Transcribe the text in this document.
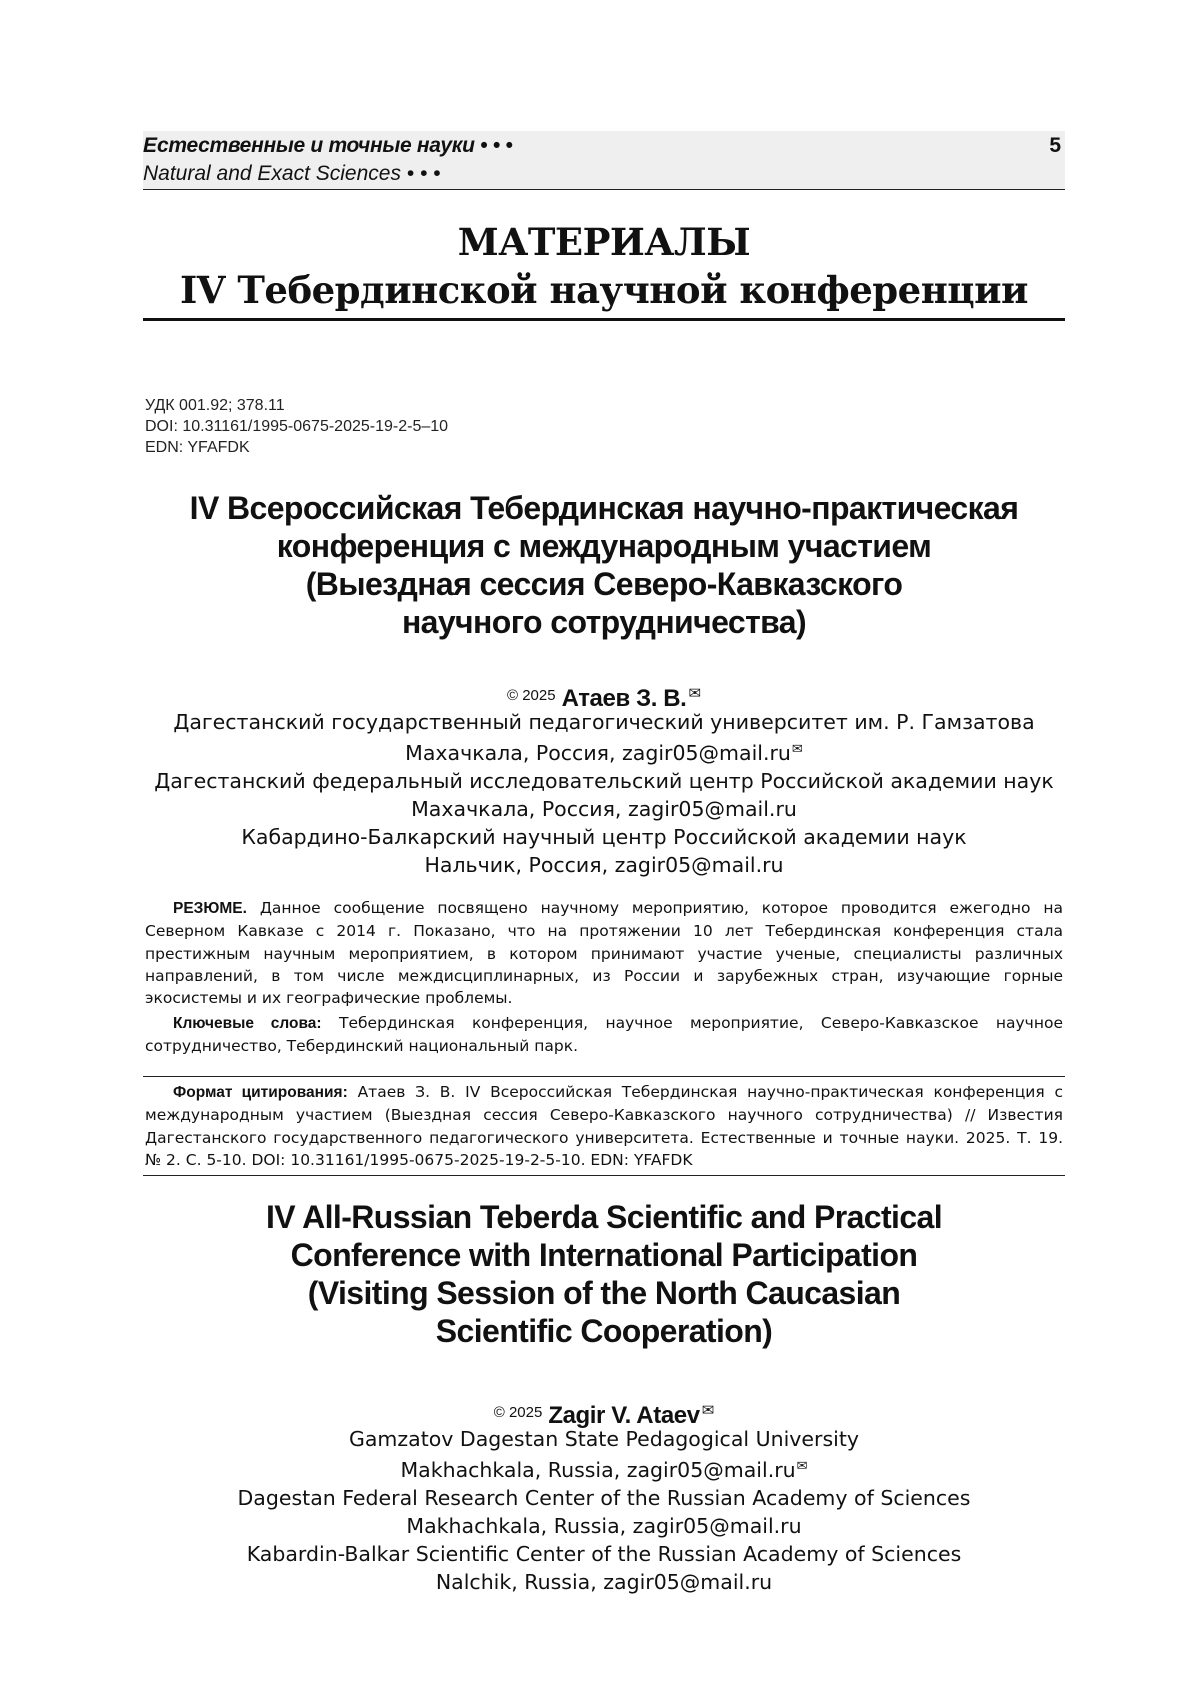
Естественные и точные науки • • •
Natural and Exact Sciences • • •
5
МАТЕРИАЛЫ
IV Тебердинской научной конференции
УДК 001.92; 378.11
DOI: 10.31161/1995-0675-2025-19-2-5–10
EDN: YFAFDK
IV Всероссийская Тебердинская научно-практическая
конференция с международным участием
(Выездная сессия Северо-Кавказского
научного сотрудничества)
$^{© 2025}$ Атаев З. В. ✉
Дагестанский государственный педагогический университет им. Р. Гамзатова
Махачкала, Россия, zagir05@mail.ru✉
Дагестанский федеральный исследовательский центр Российской академии наук
Махачкала, Россия, zagir05@mail.ru
Кабардино-Балкарский научный центр Российской академии наук
Нальчик, Россия, zagir05@mail.ru
РЕЗЮМЕ. Данное сообщение посвящено научному мероприятию, которое проводится ежегодно на Северном Кавказе с 2014 г. Показано, что на протяжении 10 лет Тебердинская конференция стала престижным научным мероприятием, в котором принимают участие ученые, специалисты различных направлений, в том числе междисциплинарных, из России и зарубежных стран, изучающие горные экосистемы и их географические проблемы.
Ключевые слова: Тебердинская конференция, научное мероприятие, Северо-Кавказское научное сотрудничество, Тебердинский национальный парк.
Формат цитирования: Атаев З. В. IV Всероссийская Тебердинская научно-практическая конференция с международным участием (Выездная сессия Северо-Кавказского научного сотрудничества) // Известия Дагестанского государственного педагогического университета. Естественные и точные науки. 2025. Т. 19. № 2. С. 5-10. DOI: 10.31161/1995-0675-2025-19-2-5-10. EDN: YFAFDK
IV All-Russian Teberda Scientific and Practical
Conference with International Participation
(Visiting Session of the North Caucasian
Scientific Cooperation)
$^{© 2025}$ Zagir V. Ataev ✉
Gamzatov Dagestan State Pedagogical University
Makhachkala, Russia, zagir05@mail.ru✉
Dagestan Federal Research Center of the Russian Academy of Sciences
Makhachkala, Russia, zagir05@mail.ru
Kabardin-Balkar Scientific Center of the Russian Academy of Sciences
Nalchik, Russia, zagir05@mail.ru
